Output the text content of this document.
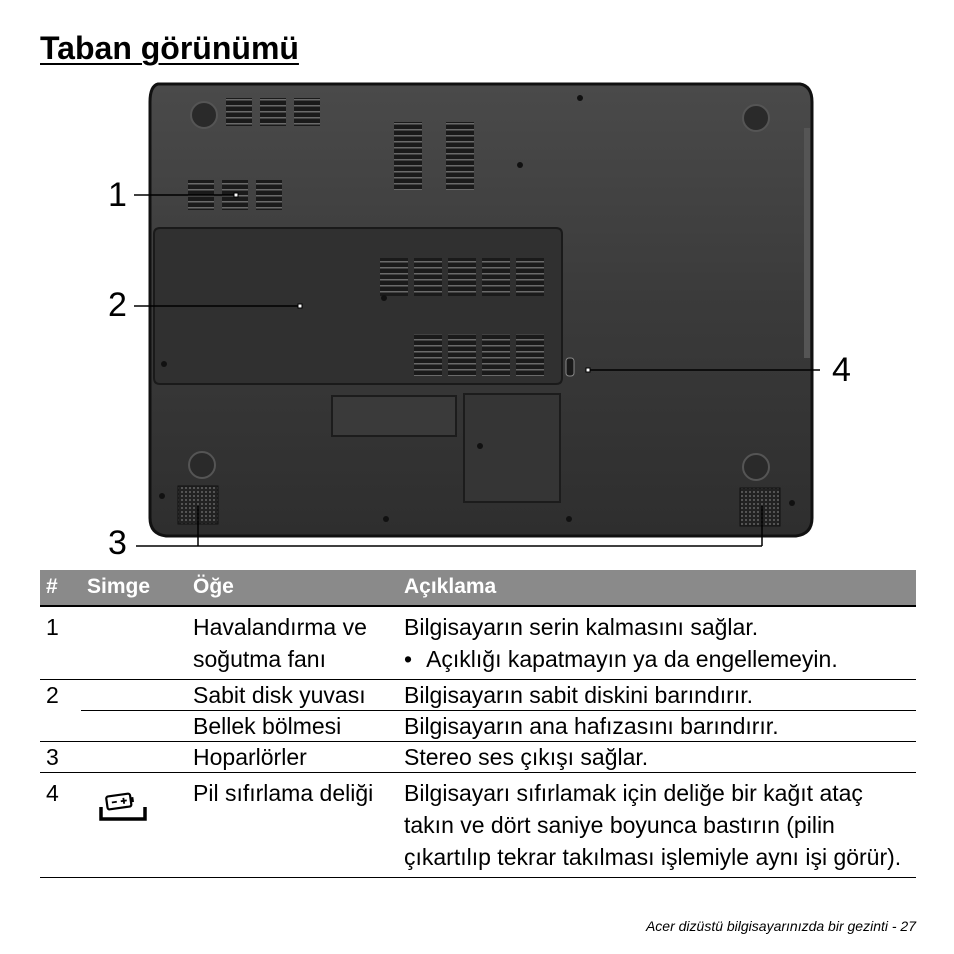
Taban görünümü
1
2
3
4
#	Simge	Öğe	Açıklama
1		Havalandırma ve soğutma fanı	Bilgisayarın serin kalmasını sağlar.
• Açıklığı kapatmayın ya da engellemeyin.

2		Sabit disk yuvası	Bilgisayarın sabit diskini barındırır.
		Bellek bölmesi	Bilgisayarın ana hafızasını barındırır.
3		Hoparlörler	Stereo ses çıkışı sağlar.
4		Pil sıfırlama deliği	Bilgisayarı sıfırlamak için deliğe bir kağıt ataç takın ve dört saniye boyunca bastırın (pilin çıkartılıp tekrar takılması işlemiyle aynı işi görür).
Acer dizüstü bilgisayarınızda bir gezinti - 27
